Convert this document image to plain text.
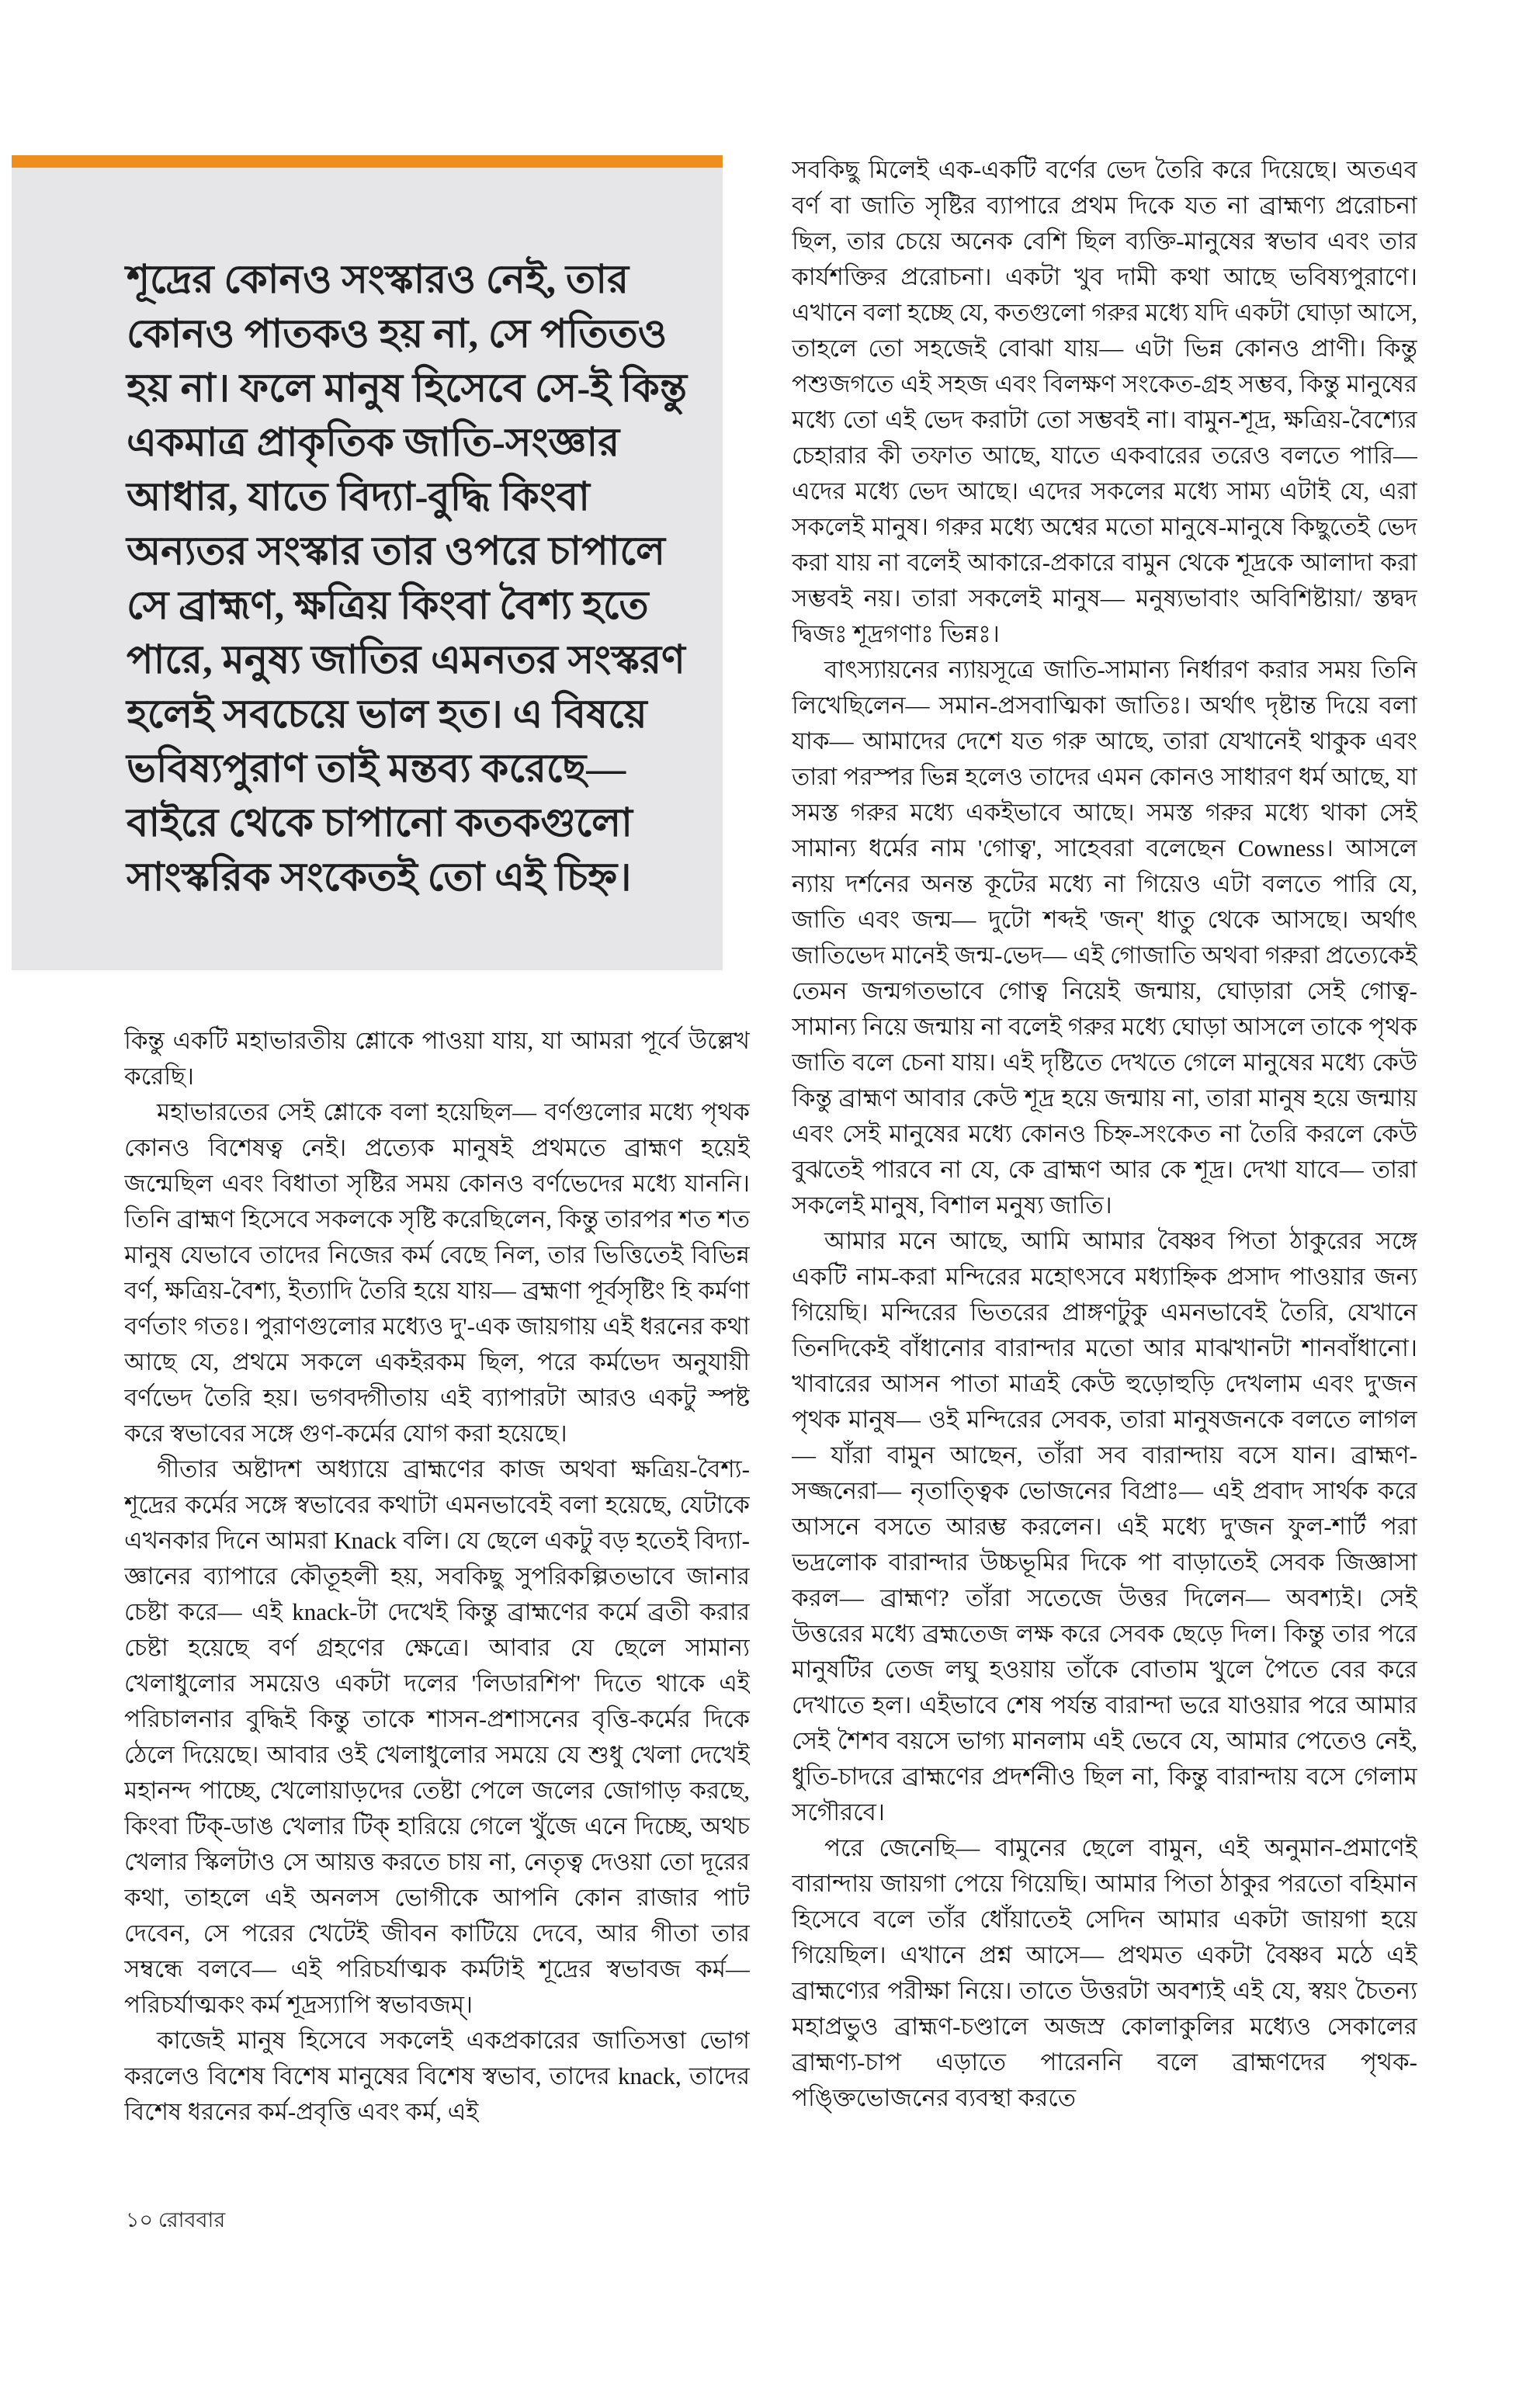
শূদ্রের কোনও সংস্কারও নেই, তার কোনও পাতকও হয় না, সে পতিতও হয় না। ফলে মানুষ হিসেবে সে-ই কিন্তু একমাত্র প্রাকৃতিক জাতি-সংজ্ঞার আধার, যাতে বিদ্যা-বুদ্ধি কিংবা অন্যতর সংস্কার তার ওপরে চাপালে সে ব্রাহ্মণ, ক্ষত্রিয় কিংবা বৈশ্য হতে পারে, মনুষ্য জাতির এমনতর সংস্করণ হলেই সবচেয়ে ভাল হত। এ বিষয়ে ভবিষ্যপুরাণ তাই মন্তব্য করেছে— বাইরে থেকে চাপানো কতকগুলো সাংস্করিক সংকেতই তো এই চিহ্ন।

কিন্তু একটি মহাভারতীয় শ্লোকে পাওয়া যায়, যা আমরা পূর্বে উল্লেখ করেছি।

মহাভারতের সেই শ্লোকে বলা হয়েছিল— বর্ণগুলোর মধ্যে পৃথক কোনও বিশেষত্ব নেই। প্রত্যেক মানুষই প্রথমতে ব্রাহ্মণ হয়েই জন্মেছিল এবং বিধাতা সৃষ্টির সময় কোনও বর্ণভেদের মধ্যে যাননি। তিনি ব্রাহ্মণ হিসেবে সকলকে সৃষ্টি করেছিলেন, কিন্তু তারপর শত শত মানুষ যেভাবে তাদের নিজের কর্ম বেছে নিল, তার ভিত্তিতেই বিভিন্ন বর্ণ, ক্ষত্রিয়-বৈশ্য, ইত্যাদি তৈরি হয়ে যায়— ব্রহ্মণা পূর্বসৃষ্টিং হি কর্মণা বর্ণতাং গতঃ। পুরাণগুলোর মধ্যেও দু'-এক জায়গায় এই ধরনের কথা আছে যে, প্রথমে সকলে একইরকম ছিল, পরে কর্মভেদ অনুযায়ী বর্ণভেদ তৈরি হয়। ভগবদ্গীতায় এই ব্যাপারটা আরও একটু স্পষ্ট করে স্বভাবের সঙ্গে গুণ-কর্মের যোগ করা হয়েছে।

গীতার অষ্টাদশ অধ্যায়ে ব্রাহ্মণের কাজ অথবা ক্ষত্রিয়-বৈশ্য-শূদ্রের কর্মের সঙ্গে স্বভাবের কথাটা এমনভাবেই বলা হয়েছে, যেটাকে এখনকার দিনে আমরা Knack বলি। যে ছেলে একটু বড় হতেই বিদ্যা-জ্ঞানের ব্যাপারে কৌতূহলী হয়, সবকিছু সুপরিকল্পিতভাবে জানার চেষ্টা করে— এই knack-টা দেখেই কিন্তু ব্রাহ্মণের কর্মে ব্রতী করার চেষ্টা হয়েছে বর্ণ গ্রহণের ক্ষেত্রে। আবার যে ছেলে সামান্য খেলাধুলোর সময়েও একটা দলের 'লিডারশিপ' দিতে থাকে এই পরিচালনার বুদ্ধিই কিন্তু তাকে শাসন-প্রশাসনের বৃত্তি-কর্মের দিকে ঠেলে দিয়েছে। আবার ওই খেলাধুলোর সময়ে যে শুধু খেলা দেখেই মহানন্দ পাচ্ছে, খেলোয়াড়দের তেষ্টা পেলে জলের জোগাড় করছে, কিংবা টিক্-ডাঙ খেলার টিক্ হারিয়ে গেলে খুঁজে এনে দিচ্ছে, অথচ খেলার স্কিলটাও সে আয়ত্ত করতে চায় না, নেতৃত্ব দেওয়া তো দূরের কথা, তাহলে এই অনলস ভোগীকে আপনি কোন রাজার পাট দেবেন, সে পরের খেটেই জীবন কাটিয়ে দেবে, আর গীতা তার সম্বন্ধে বলবে— এই পরিচর্যাত্মক কর্মটাই শূদ্রের স্বভাবজ কর্ম— পরিচর্যাত্মকং কর্ম শূদ্রস্যাপি স্বভাবজম্।

কাজেই মানুষ হিসেবে সকলেই একপ্রকারের জাতিসত্তা ভোগ করলেও বিশেষ বিশেষ মানুষের বিশেষ স্বভাব, তাদের knack, তাদের বিশেষ ধরনের কর্ম-প্রবৃত্তি এবং কর্ম, এই

সবকিছু মিলেই এক-একটি বর্ণের ভেদ তৈরি করে দিয়েছে। অতএব বর্ণ বা জাতি সৃষ্টির ব্যাপারে প্রথম দিকে যত না ব্রাহ্মণ্য প্ররোচনা ছিল, তার চেয়ে অনেক বেশি ছিল ব্যক্তি-মানুষের স্বভাব এবং তার কার্যশক্তির প্ররোচনা। একটা খুব দামী কথা আছে ভবিষ্যপুরাণে। এখানে বলা হচ্ছে যে, কতগুলো গরুর মধ্যে যদি একটা ঘোড়া আসে, তাহলে তো সহজেই বোঝা যায়— এটা ভিন্ন কোনও প্রাণী। কিন্তু পশুজগতে এই সহজ এবং বিলক্ষণ সংকেত-গ্রহ সম্ভব, কিন্তু মানুষের মধ্যে তো এই ভেদ করাটা তো সম্ভবই না। বামুন-শূদ্র, ক্ষত্রিয়-বৈশ্যের চেহারার কী তফাত আছে, যাতে একবারের তরেও বলতে পারি— এদের মধ্যে ভেদ আছে। এদের সকলের মধ্যে সাম্য এটাই যে, এরা সকলেই মানুষ। গরুর মধ্যে অশ্বের মতো মানুষে-মানুষে কিছুতেই ভেদ করা যায় না বলেই আকারে-প্রকারে বামুন থেকে শূদ্রকে আলাদা করা সম্ভবই নয়। তারা সকলেই মানুষ— মনুষ্যভাবাং অবিশিষ্টায়া/ স্তদ্বদ দ্বিজঃ শূদ্রগণাঃ ভিন্নঃ।

বাৎস্যায়নের ন্যায়সূত্রে জাতি-সামান্য নির্ধারণ করার সময় তিনি লিখেছিলেন— সমান-প্রসবাত্মিকা জাতিঃ। অর্থাৎ দৃষ্টান্ত দিয়ে বলা যাক— আমাদের দেশে যত গরু আছে, তারা যেখানেই থাকুক এবং তারা পরস্পর ভিন্ন হলেও তাদের এমন কোনও সাধারণ ধর্ম আছে, যা সমস্ত গরুর মধ্যে একইভাবে আছে। সমস্ত গরুর মধ্যে থাকা সেই সামান্য ধর্মের নাম 'গোত্ব', সাহেবরা বলেছেন Cowness। আসলে ন্যায় দর্শনের অনন্ত কূটের মধ্যে না গিয়েও এটা বলতে পারি যে, জাতি এবং জন্ম— দুটো শব্দই 'জন্' ধাতু থেকে আসছে। অর্থাৎ জাতিভেদ মানেই জন্ম-ভেদ— এই গোজাতি অথবা গরুরা প্রত্যেকেই তেমন জন্মগতভাবে গোত্ব নিয়েই জন্মায়, ঘোড়ারা সেই গোত্ব-সামান্য নিয়ে জন্মায় না বলেই গরুর মধ্যে ঘোড়া আসলে তাকে পৃথক জাতি বলে চেনা যায়। এই দৃষ্টিতে দেখতে গেলে মানুষের মধ্যে কেউ কিন্তু ব্রাহ্মণ আবার কেউ শূদ্র হয়ে জন্মায় না, তারা মানুষ হয়ে জন্মায় এবং সেই মানুষের মধ্যে কোনও চিহ্ন-সংকেত না তৈরি করলে কেউ বুঝতেই পারবে না যে, কে ব্রাহ্মণ আর কে শূদ্র। দেখা যাবে— তারা সকলেই মানুষ, বিশাল মনুষ্য জাতি।

আমার মনে আছে, আমি আমার বৈষ্ণব পিতা ঠাকুরের সঙ্গে একটি নাম-করা মন্দিরের মহোৎসবে মধ্যাহ্নিক প্রসাদ পাওয়ার জন্য গিয়েছি। মন্দিরের ভিতরের প্রাঙ্গণটুকু এমনভাবেই তৈরি, যেখানে তিনদিকেই বাঁধানোর বারান্দার মতো আর মাঝখানটা শানবাঁধানো। খাবারের আসন পাতা মাত্রই কেউ হুড়োহুড়ি দেখলাম এবং দু'জন পৃথক মানুষ— ওই মন্দিরের সেবক, তারা মানুষজনকে বলতে লাগল— যাঁরা বামুন আছেন, তাঁরা সব বারান্দায় বসে যান। ব্রাহ্মণ-সজ্জনেরা— নৃতাত্ত্বিক ভোজনের বিপ্রাঃ— এই প্রবাদ সার্থক করে আসনে বসতে আরম্ভ করলেন। এই মধ্যে দু'জন ফুল-শার্ট পরা ভদ্রলোক বারান্দার উচ্চভূমির দিকে পা বাড়াতেই সেবক জিজ্ঞাসা করল— ব্রাহ্মণ? তাঁরা সতেজে উত্তর দিলেন— অবশ্যই। সেই উত্তরের মধ্যে ব্রহ্মতেজ লক্ষ করে সেবক ছেড়ে দিল। কিন্তু তার পরে মানুষটির তেজ লঘু হওয়ায় তাঁকে বোতাম খুলে পৈতে বের করে দেখাতে হল। এইভাবে শেষ পর্যন্ত বারান্দা ভরে যাওয়ার পরে আমার সেই শৈশব বয়সে ভাগ্য মানলাম এই ভেবে যে, আমার পেতেও নেই, ধুতি-চাদরে ব্রাহ্মণের প্রদর্শনীও ছিল না, কিন্তু বারান্দায় বসে গেলাম সগৌরবে।

পরে জেনেছি— বামুনের ছেলে বামুন, এই অনুমান-প্রমাণেই বারান্দায় জায়গা পেয়ে গিয়েছি। আমার পিতা ঠাকুর পরতো বহিমান হিসেবে বলে তাঁর ধোঁয়াতেই সেদিন আমার একটা জায়গা হয়ে গিয়েছিল। এখানে প্রশ্ন আসে— প্রথমত একটা বৈষ্ণব মঠে এই ব্রাহ্মণ্যের পরীক্ষা নিয়ে। তাতে উত্তরটা অবশ্যই এই যে, স্বয়ং চৈতন্য মহাপ্রভুও ব্রাহ্মণ-চণ্ডালে অজস্র কোলাকুলির মধ্যেও সেকালের ব্রাহ্মণ্য-চাপ এড়াতে পারেননি বলে ব্রাহ্মণদের পৃথক-পঙ্ক্তিভোজনের ব্যবস্থা করতে

১০ রোববার
